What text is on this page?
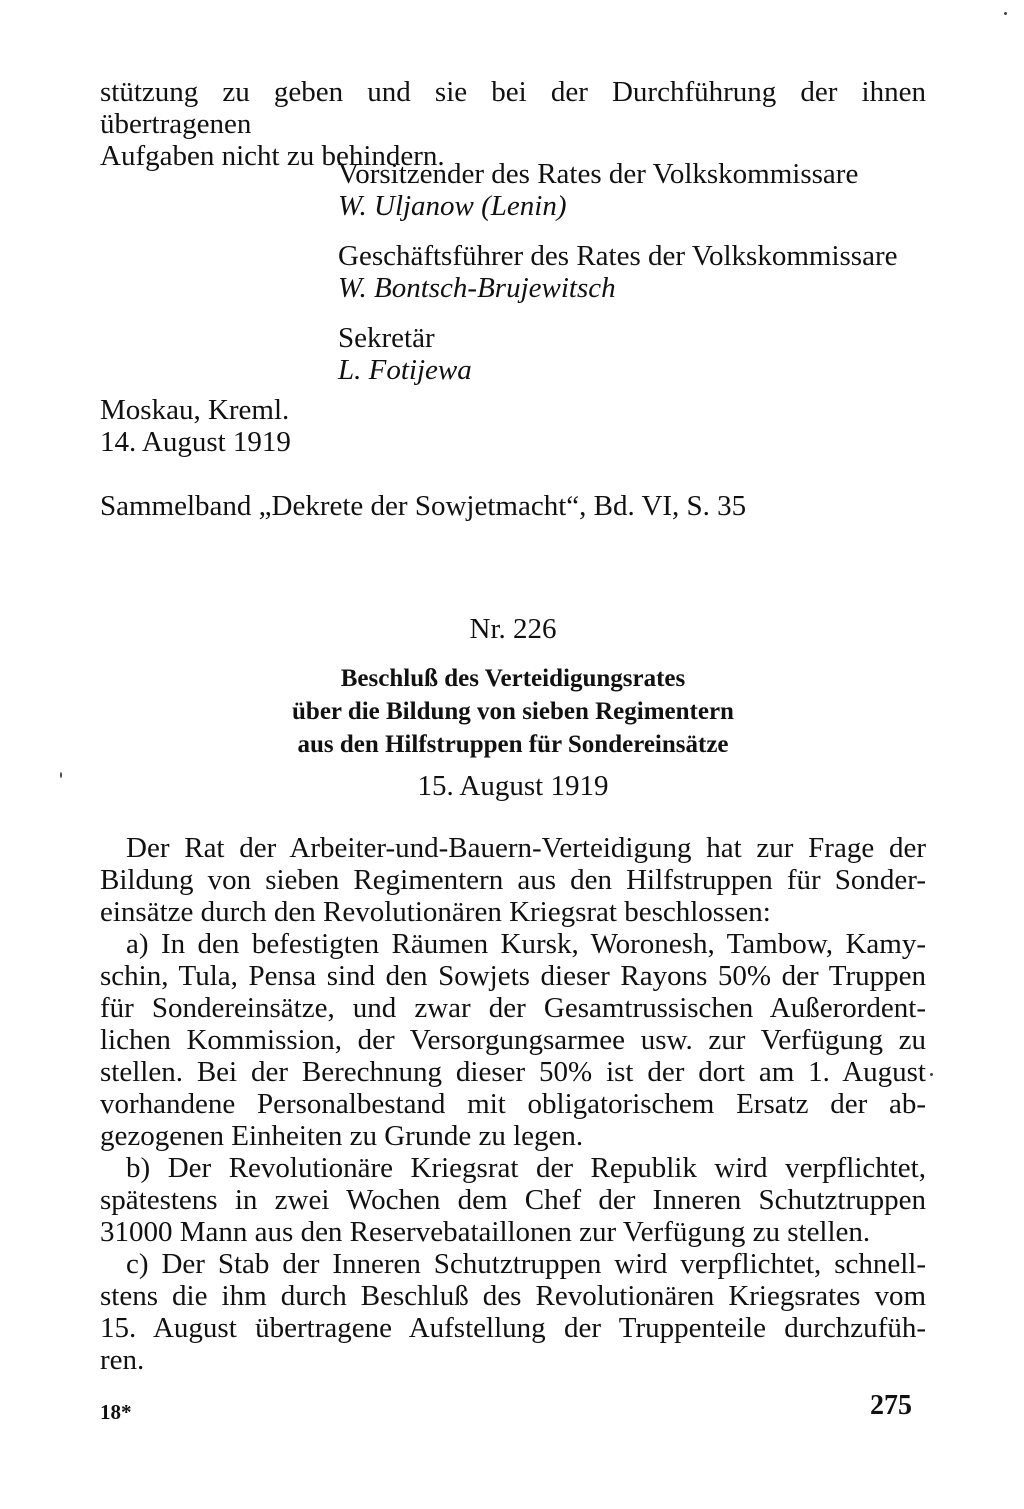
stützung zu geben und sie bei der Durchführung der ihnen übertragenen
Aufgaben nicht zu behindern.
Vorsitzender des Rates der Volkskommissare
W. Uljanow (Lenin)
Geschäftsführer des Rates der Volkskommissare
W. Bontsch-Brujewitsch
Sekretär
L. Fotijewa
Moskau, Kreml.
14. August 1919
Sammelband „Dekrete der Sowjetmacht“, Bd. VI, S. 35
Nr. 226
Beschluß des Verteidigungsrates
über die Bildung von sieben Regimentern
aus den Hilfstruppen für Sondereinsätze
15. August 1919
Der Rat der Arbeiter-und-Bauern-Verteidigung hat zur Frage der
Bildung von sieben Regimentern aus den Hilfstruppen für Sonder-
einsätze durch den Revolutionären Kriegsrat beschlossen:
a) In den befestigten Räumen Kursk, Woronesh, Tambow, Kamy-
schin, Tula, Pensa sind den Sowjets dieser Rayons 50% der Truppen
für Sondereinsätze, und zwar der Gesamtrussischen Außerordent-
lichen Kommission, der Versorgungsarmee usw. zur Verfügung zu
stellen. Bei der Berechnung dieser 50% ist der dort am 1. August
vorhandene Personalbestand mit obligatorischem Ersatz der ab-
gezogenen Einheiten zu Grunde zu legen.
b) Der Revolutionäre Kriegsrat der Republik wird verpflichtet,
spätestens in zwei Wochen dem Chef der Inneren Schutztruppen
31000 Mann aus den Reservebataillonen zur Verfügung zu stellen.
c) Der Stab der Inneren Schutztruppen wird verpflichtet, schnell-
stens die ihm durch Beschluß des Revolutionären Kriegsrates vom
15. August übertragene Aufstellung der Truppenteile durchzufüh-
ren.
18*	275
